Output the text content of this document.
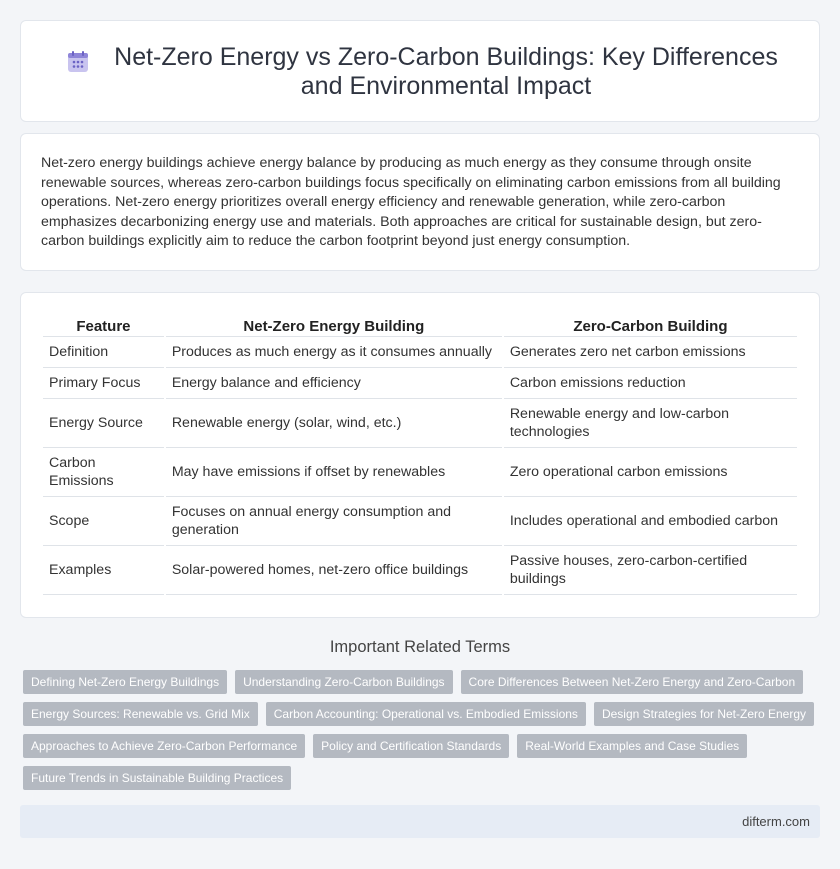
Net-Zero Energy vs Zero-Carbon Buildings: Key Differences and Environmental Impact

Net-zero energy buildings achieve energy balance by producing as much energy as they consume through onsite renewable sources, whereas zero-carbon buildings focus specifically on eliminating carbon emissions from all building operations. Net-zero energy prioritizes overall energy efficiency and renewable generation, while zero-carbon emphasizes decarbonizing energy use and materials. Both approaches are critical for sustainable design, but zero-carbon buildings explicitly aim to reduce the carbon footprint beyond just energy consumption.

Feature	Net-Zero Energy Building	Zero-Carbon Building
Definition	Produces as much energy as it consumes annually	Generates zero net carbon emissions
Primary Focus	Energy balance and efficiency	Carbon emissions reduction
Energy Source	Renewable energy (solar, wind, etc.)	Renewable energy and low-carbon technologies
Carbon Emissions	May have emissions if offset by renewables	Zero operational carbon emissions
Scope	Focuses on annual energy consumption and generation	Includes operational and embodied carbon
Examples	Solar-powered homes, net-zero office buildings	Passive houses, zero-carbon-certified buildings
Important Related Terms
Defining Net-Zero Energy Buildings	Understanding Zero-Carbon Buildings	Core Differences Between Net-Zero Energy and Zero-Carbon
Energy Sources: Renewable vs. Grid Mix	Carbon Accounting: Operational vs. Embodied Emissions	Design Strategies for Net-Zero Energy
Approaches to Achieve Zero-Carbon Performance	Policy and Certification Standards	Real-World Examples and Case Studies
Future Trends in Sustainable Building Practices
difterm.com
